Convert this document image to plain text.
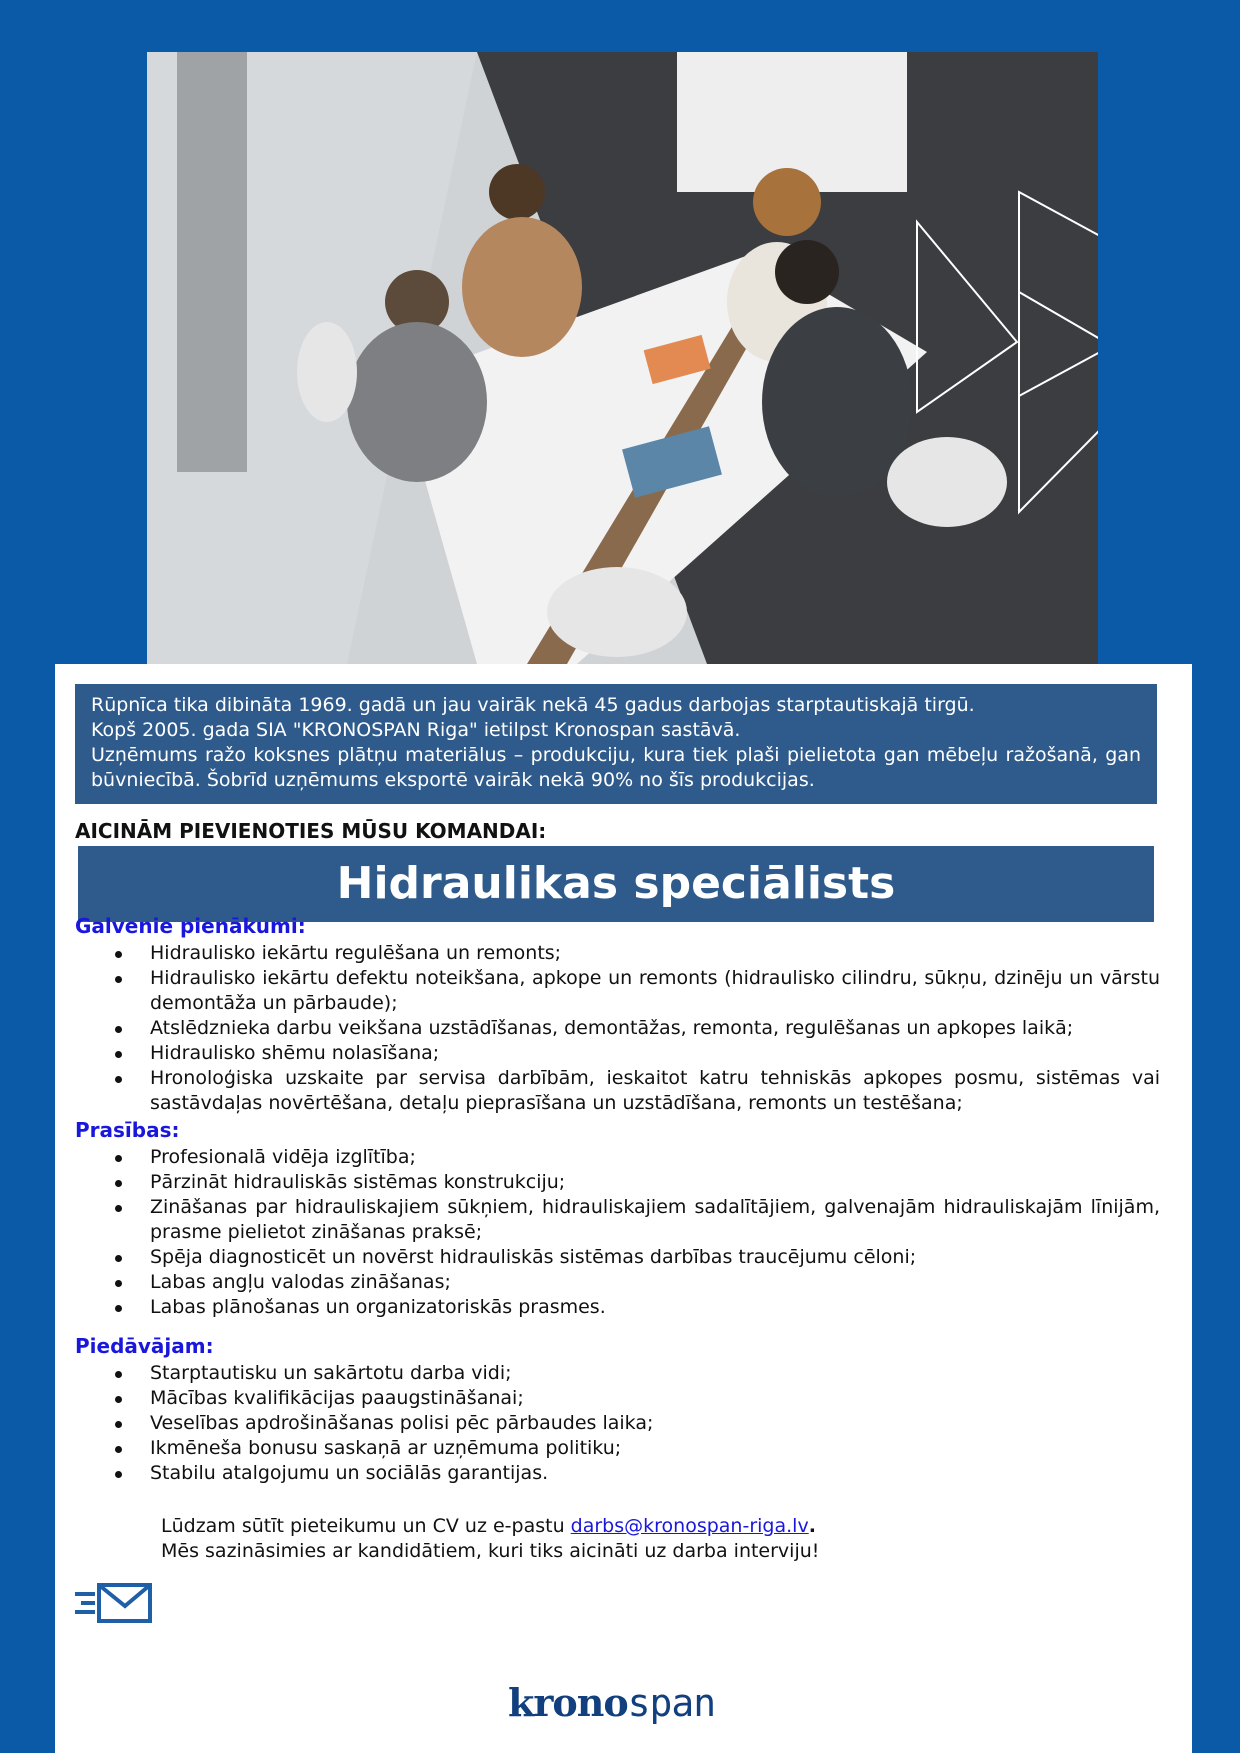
Rūpnīca tika dibināta 1969. gadā un jau vairāk nekā 45 gadus darbojas starptautiskajā tirgū.

Kopš 2005. gada SIA "KRONOSPAN Riga" ietilpst Kronospan sastāvā.

Uzņēmums ražo koksnes plātņu materiālus – produkciju, kura tiek plaši pielietota gan mēbeļu ražošanā, gan būvniecībā. Šobrīd uzņēmums eksportē vairāk nekā 90% no šīs produkcijas.

AICINĀM PIEVIENOTIES MŪSU KOMANDAI:
Hidraulikas speciālists
Galvenie pienākumi:
Hidraulisko iekārtu regulēšana un remonts;
Hidraulisko iekārtu defektu noteikšana, apkope un remonts (hidraulisko cilindru, sūkņu, dzinēju un vārstu demontāža un pārbaude);
Atslēdznieka darbu veikšana uzstādīšanas, demontāžas, remonta, regulēšanas un apkopes laikā;
Hidraulisko shēmu nolasīšana;
Hronoloģiska uzskaite par servisa darbībām, ieskaitot katru tehniskās apkopes posmu, sistēmas vai sastāvdaļas novērtēšana, detaļu pieprasīšana un uzstādīšana, remonts un testēšana;
Prasības:
Profesionalā vidēja izglītība;
Pārzināt hidrauliskās sistēmas konstrukciju;
Zināšanas par hidrauliskajiem sūkņiem, hidrauliskajiem sadalītājiem, galvenajām hidrauliskajām līnijām, prasme pielietot zināšanas praksē;
Spēja diagnosticēt un novērst hidrauliskās sistēmas darbības traucējumu cēloni;
Labas angļu valodas zināšanas;
Labas plānošanas un organizatoriskās prasmes.
Piedāvājam:
Starptautisku un sakārtotu darba vidi;
Mācības kvalifikācijas paaugstināšanai;
Veselības apdrošināšanas polisi pēc pārbaudes laika;
Ikmēneša bonusu saskaņā ar uzņēmuma politiku;
Stabilu atalgojumu un sociālās garantijas.
Lūdzam sūtīt pieteikumu un CV uz e-pastu darbs@kronospan-riga.lv.
Mēs sazināsimies ar kandidātiem, kuri tiks aicināti uz darba interviju!
kronospan
